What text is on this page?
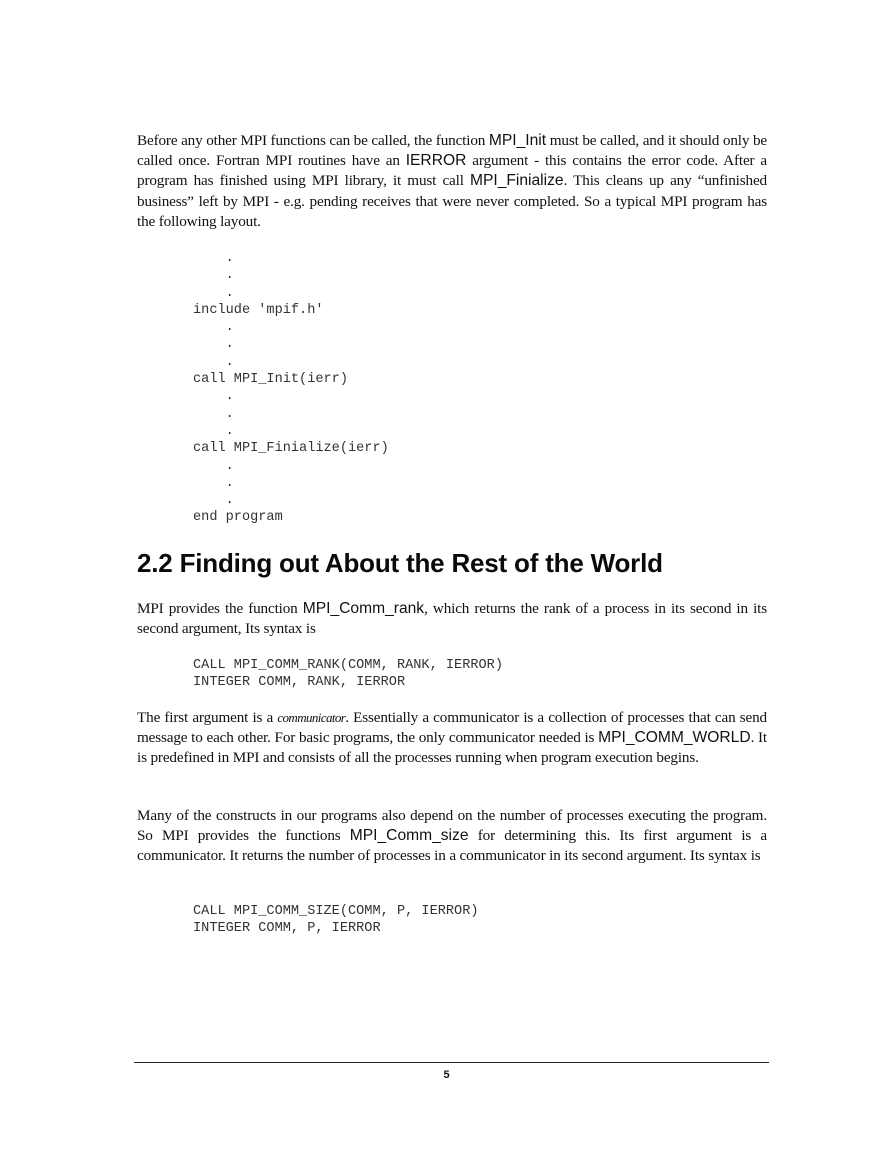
Before any other MPI functions can be called, the function MPI_Init must be called, and it should only be called once. Fortran MPI routines have an IERROR argument - this contains the error code. After a program has finished using MPI library, it must call MPI_Finialize. This cleans up any “unfinished business” left by MPI - e.g. pending receives that were never completed. So a typical MPI program has the following layout.

.
.
.
include 'mpif.h'
.
.
.
call MPI_Init(ierr)
.
.
.
call MPI_Finialize(ierr)
.
.
.
end program
2.2 Finding out About the Rest of the World

MPI provides the function MPI_Comm_rank, which returns the rank of a process in its second in its second argument, Its syntax is

CALL MPI_COMM_RANK(COMM, RANK, IERROR)
INTEGER COMM, RANK, IERROR

The first argument is a communicator. Essentially a communicator is a collection of processes that can send message to each other. For basic programs, the only communicator needed is MPI_COMM_WORLD. It is predefined in MPI and consists of all the processes running when program execution begins.

Many of the constructs in our programs also depend on the number of processes executing the program. So MPI provides the functions MPI_Comm_size for determining this. Its first argument is a communicator. It returns the number of processes in a communicator in its second argument. Its syntax is

CALL MPI_COMM_SIZE(COMM, P, IERROR)
INTEGER COMM, P, IERROR
5
